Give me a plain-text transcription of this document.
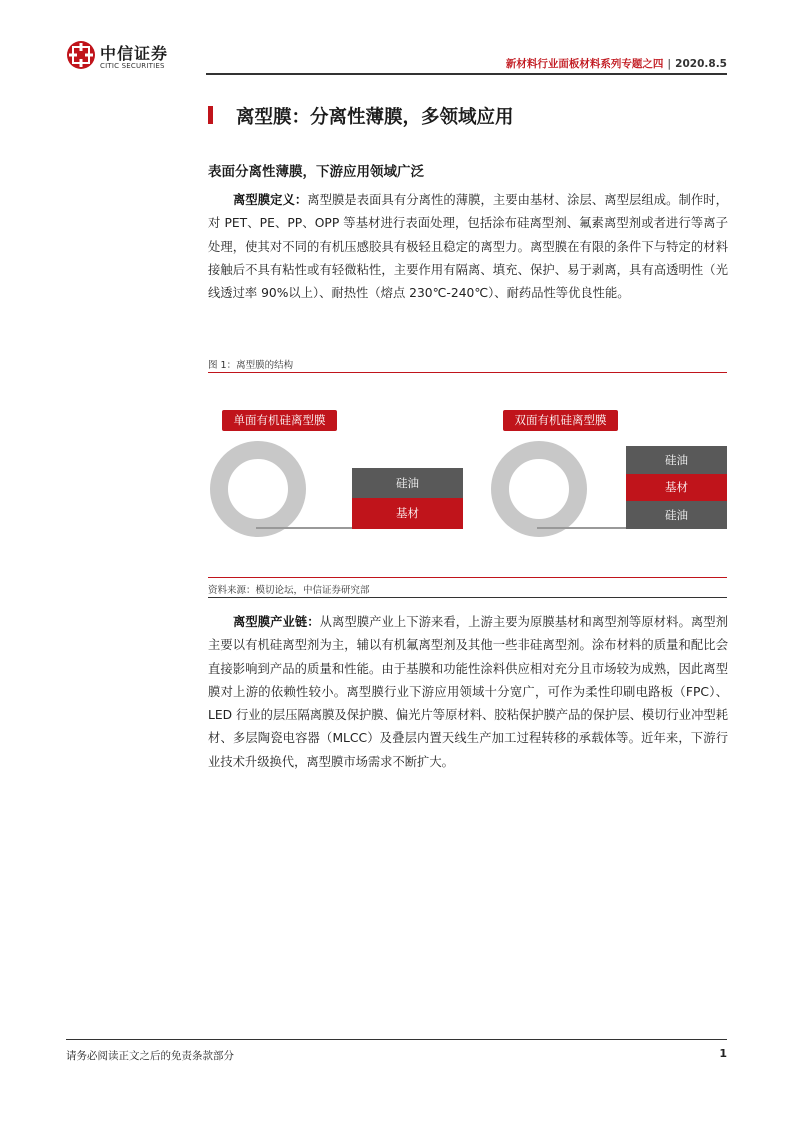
中信证券
CITIC SECURITIES	新材料行业面板材料系列专题之四 | 2020.8.5
离型膜：分离性薄膜，多领域应用
表面分离性薄膜，下游应用领域广泛
离型膜定义：离型膜是表面具有分离性的薄膜，主要由基材、涂层、离型层组成。制作时，对 PET、PE、PP、OPP 等基材进行表面处理，包括涂布硅离型剂、氟素离型剂或者进行等离子处理，使其对不同的有机压感胶具有极轻且稳定的离型力。离型膜在有限的条件下与特定的材料接触后不具有粘性或有轻微粘性，主要作用有隔离、填充、保护、易于剥离，具有高透明性（光线透过率 90%以上）、耐热性（熔点 230℃-240℃）、耐药品性等优良性能。
图 1：离型膜的结构
单面有机硅离型膜
硅油
基材
双面有机硅离型膜
硅油
基材
硅油
资料来源：模切论坛，中信证券研究部
离型膜产业链：从离型膜产业上下游来看，上游主要为原膜基材和离型剂等原材料。离型剂主要以有机硅离型剂为主，辅以有机氟离型剂及其他一些非硅离型剂。涂布材料的质量和配比会直接影响到产品的质量和性能。由于基膜和功能性涂料供应相对充分且市场较为成熟，因此离型膜对上游的依赖性较小。离型膜行业下游应用领域十分宽广，可作为柔性印刷电路板（FPC）、LED 行业的层压隔离膜及保护膜、偏光片等原材料、胶粘保护膜产品的保护层、模切行业冲型耗材、多层陶瓷电容器（MLCC）及叠层内置天线生产加工过程转移的承载体等。近年来，下游行业技术升级换代，离型膜市场需求不断扩大。
请务必阅读正文之后的免责条款部分	1
